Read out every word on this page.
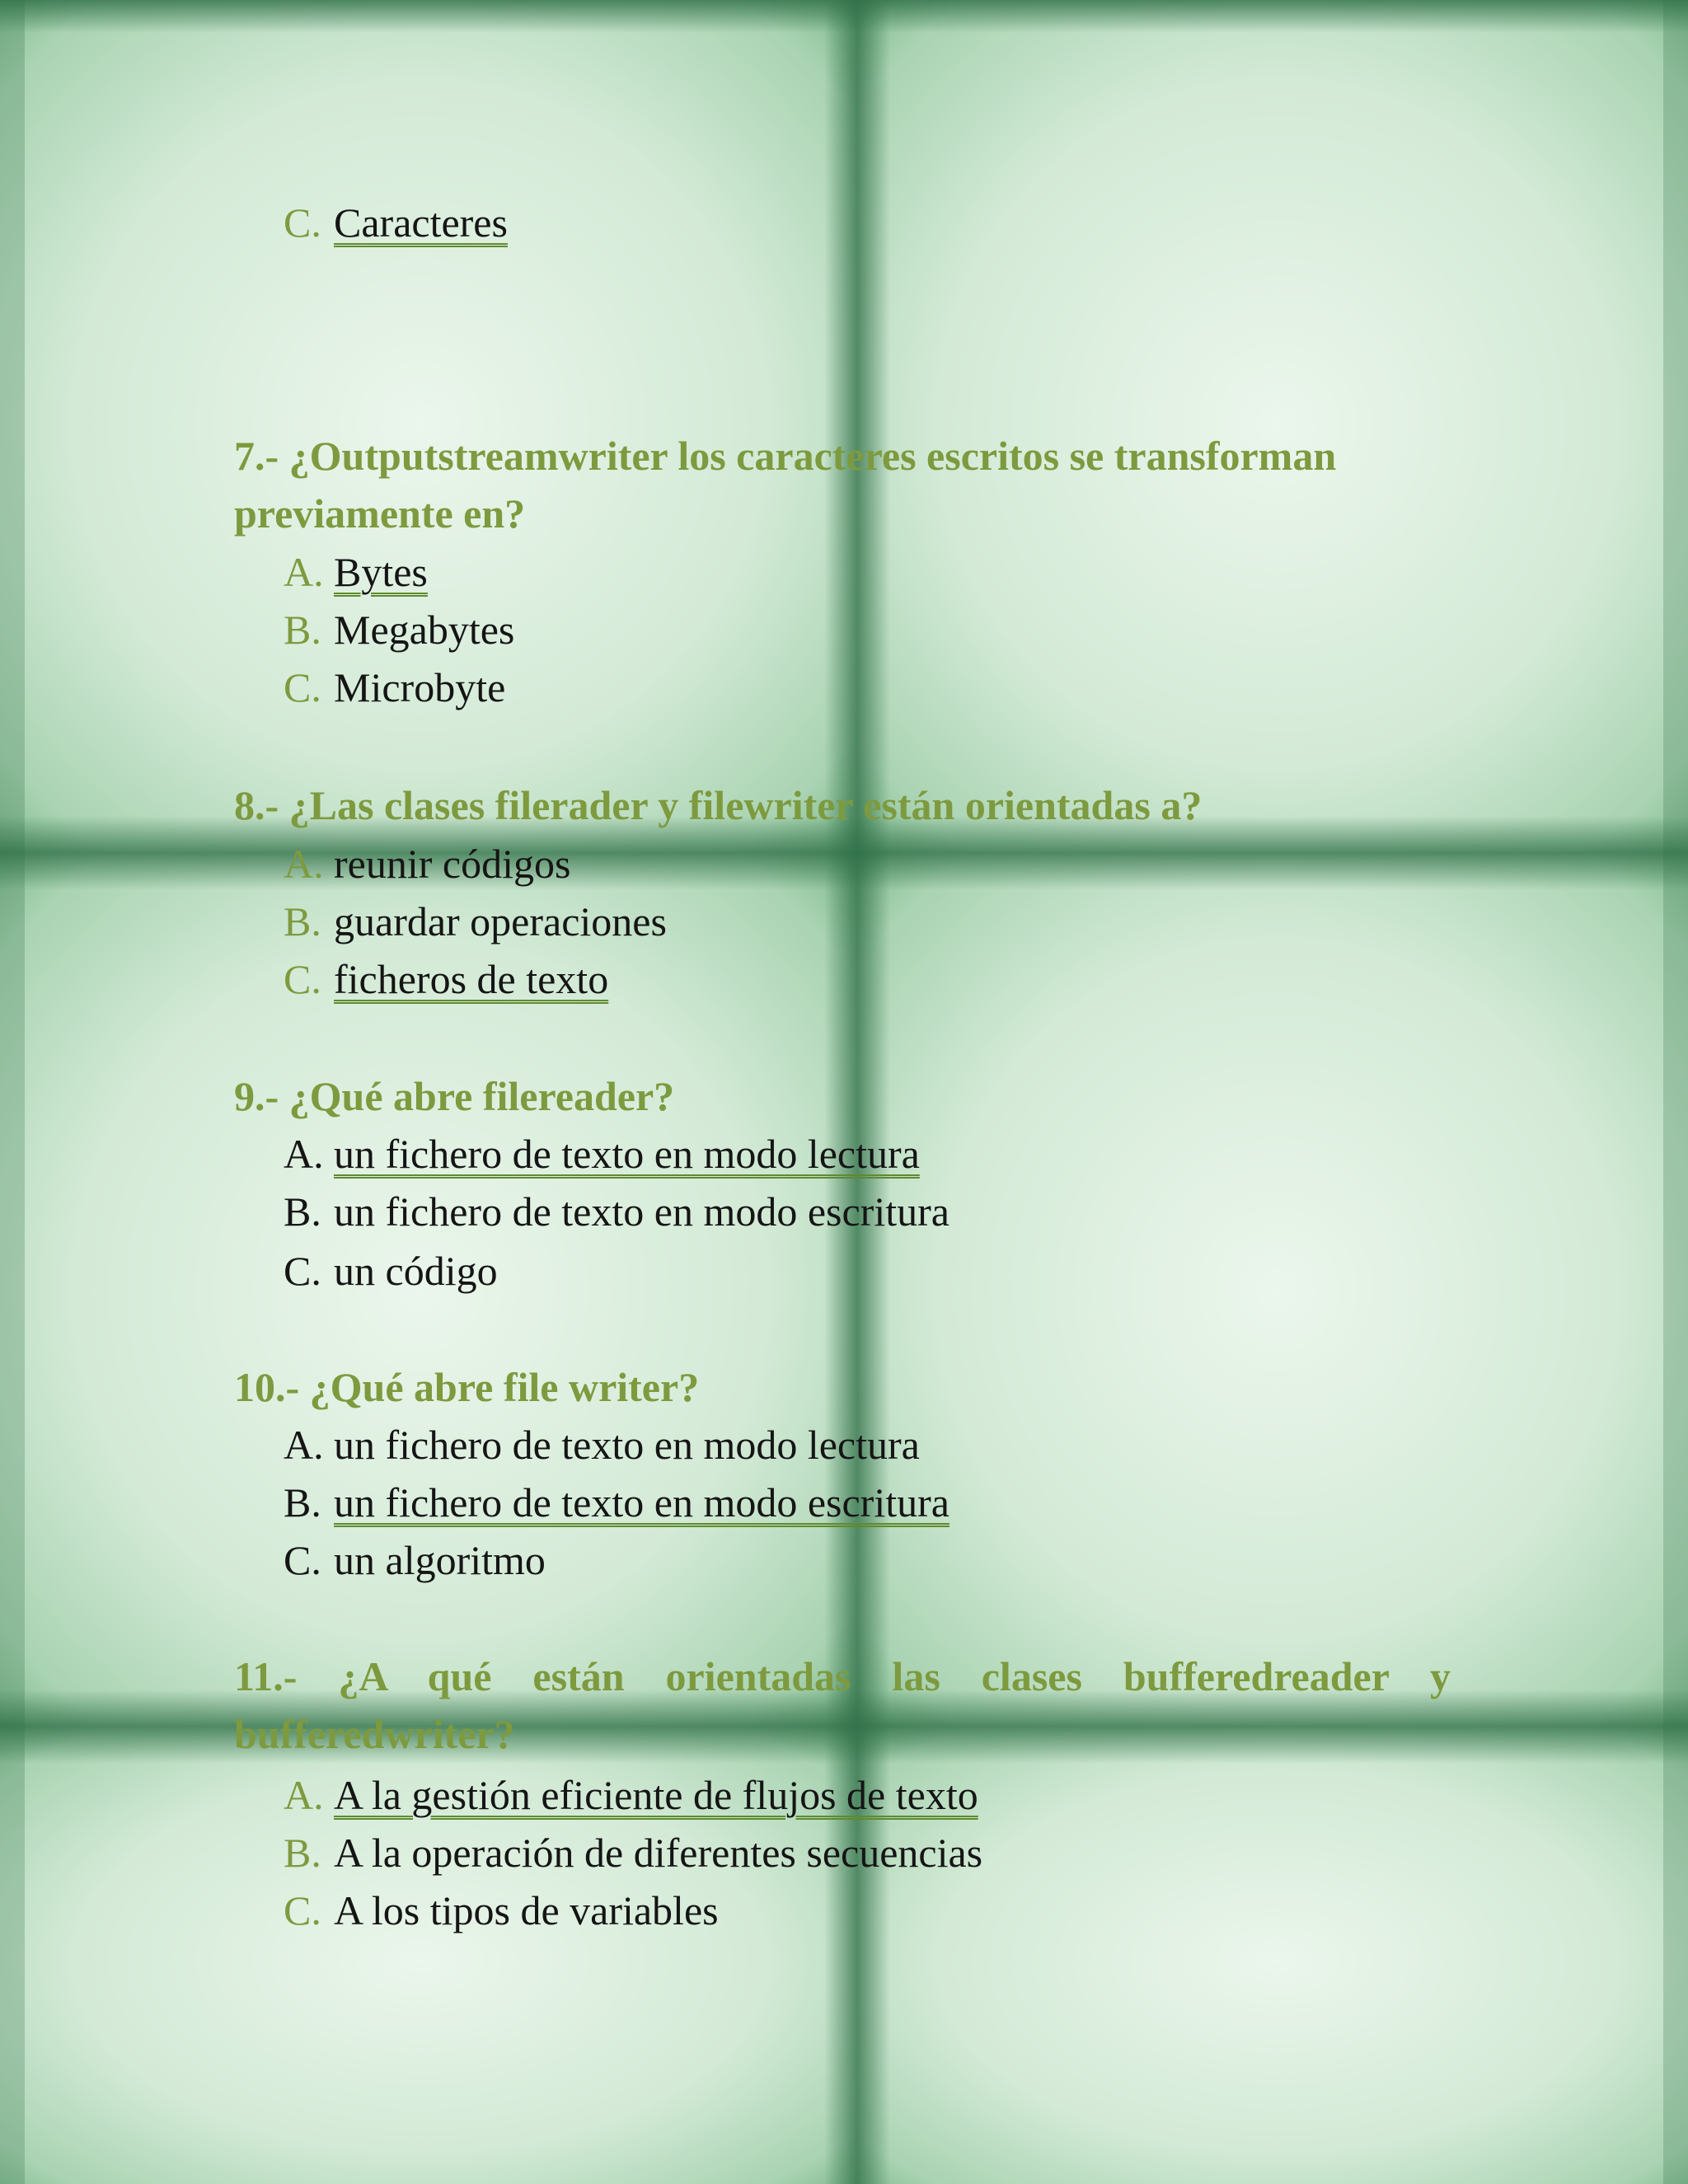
C. Caracteres

7.- ¿Outputstreamwriter los caracteres escritos se transforman previamente en?

A. Bytes
B. Megabytes
C. Microbyte

8.- ¿Las clases filerader y filewriter están orientadas a?

A. reunir códigos
B. guardar operaciones
C. ficheros de texto

9.- ¿Qué abre filereader?

A. un fichero de texto en modo lectura
B. un fichero de texto en modo escritura
C. un código

10.- ¿Qué abre file writer?

A. un fichero de texto en modo lectura
B. un fichero de texto en modo escritura
C. un algoritmo

11.- ¿A qué están orientadas las clases bufferedreader y bufferedwriter?

A. A la gestión eficiente de flujos de texto
B. A la operación de diferentes secuencias
C. A los tipos de variables
